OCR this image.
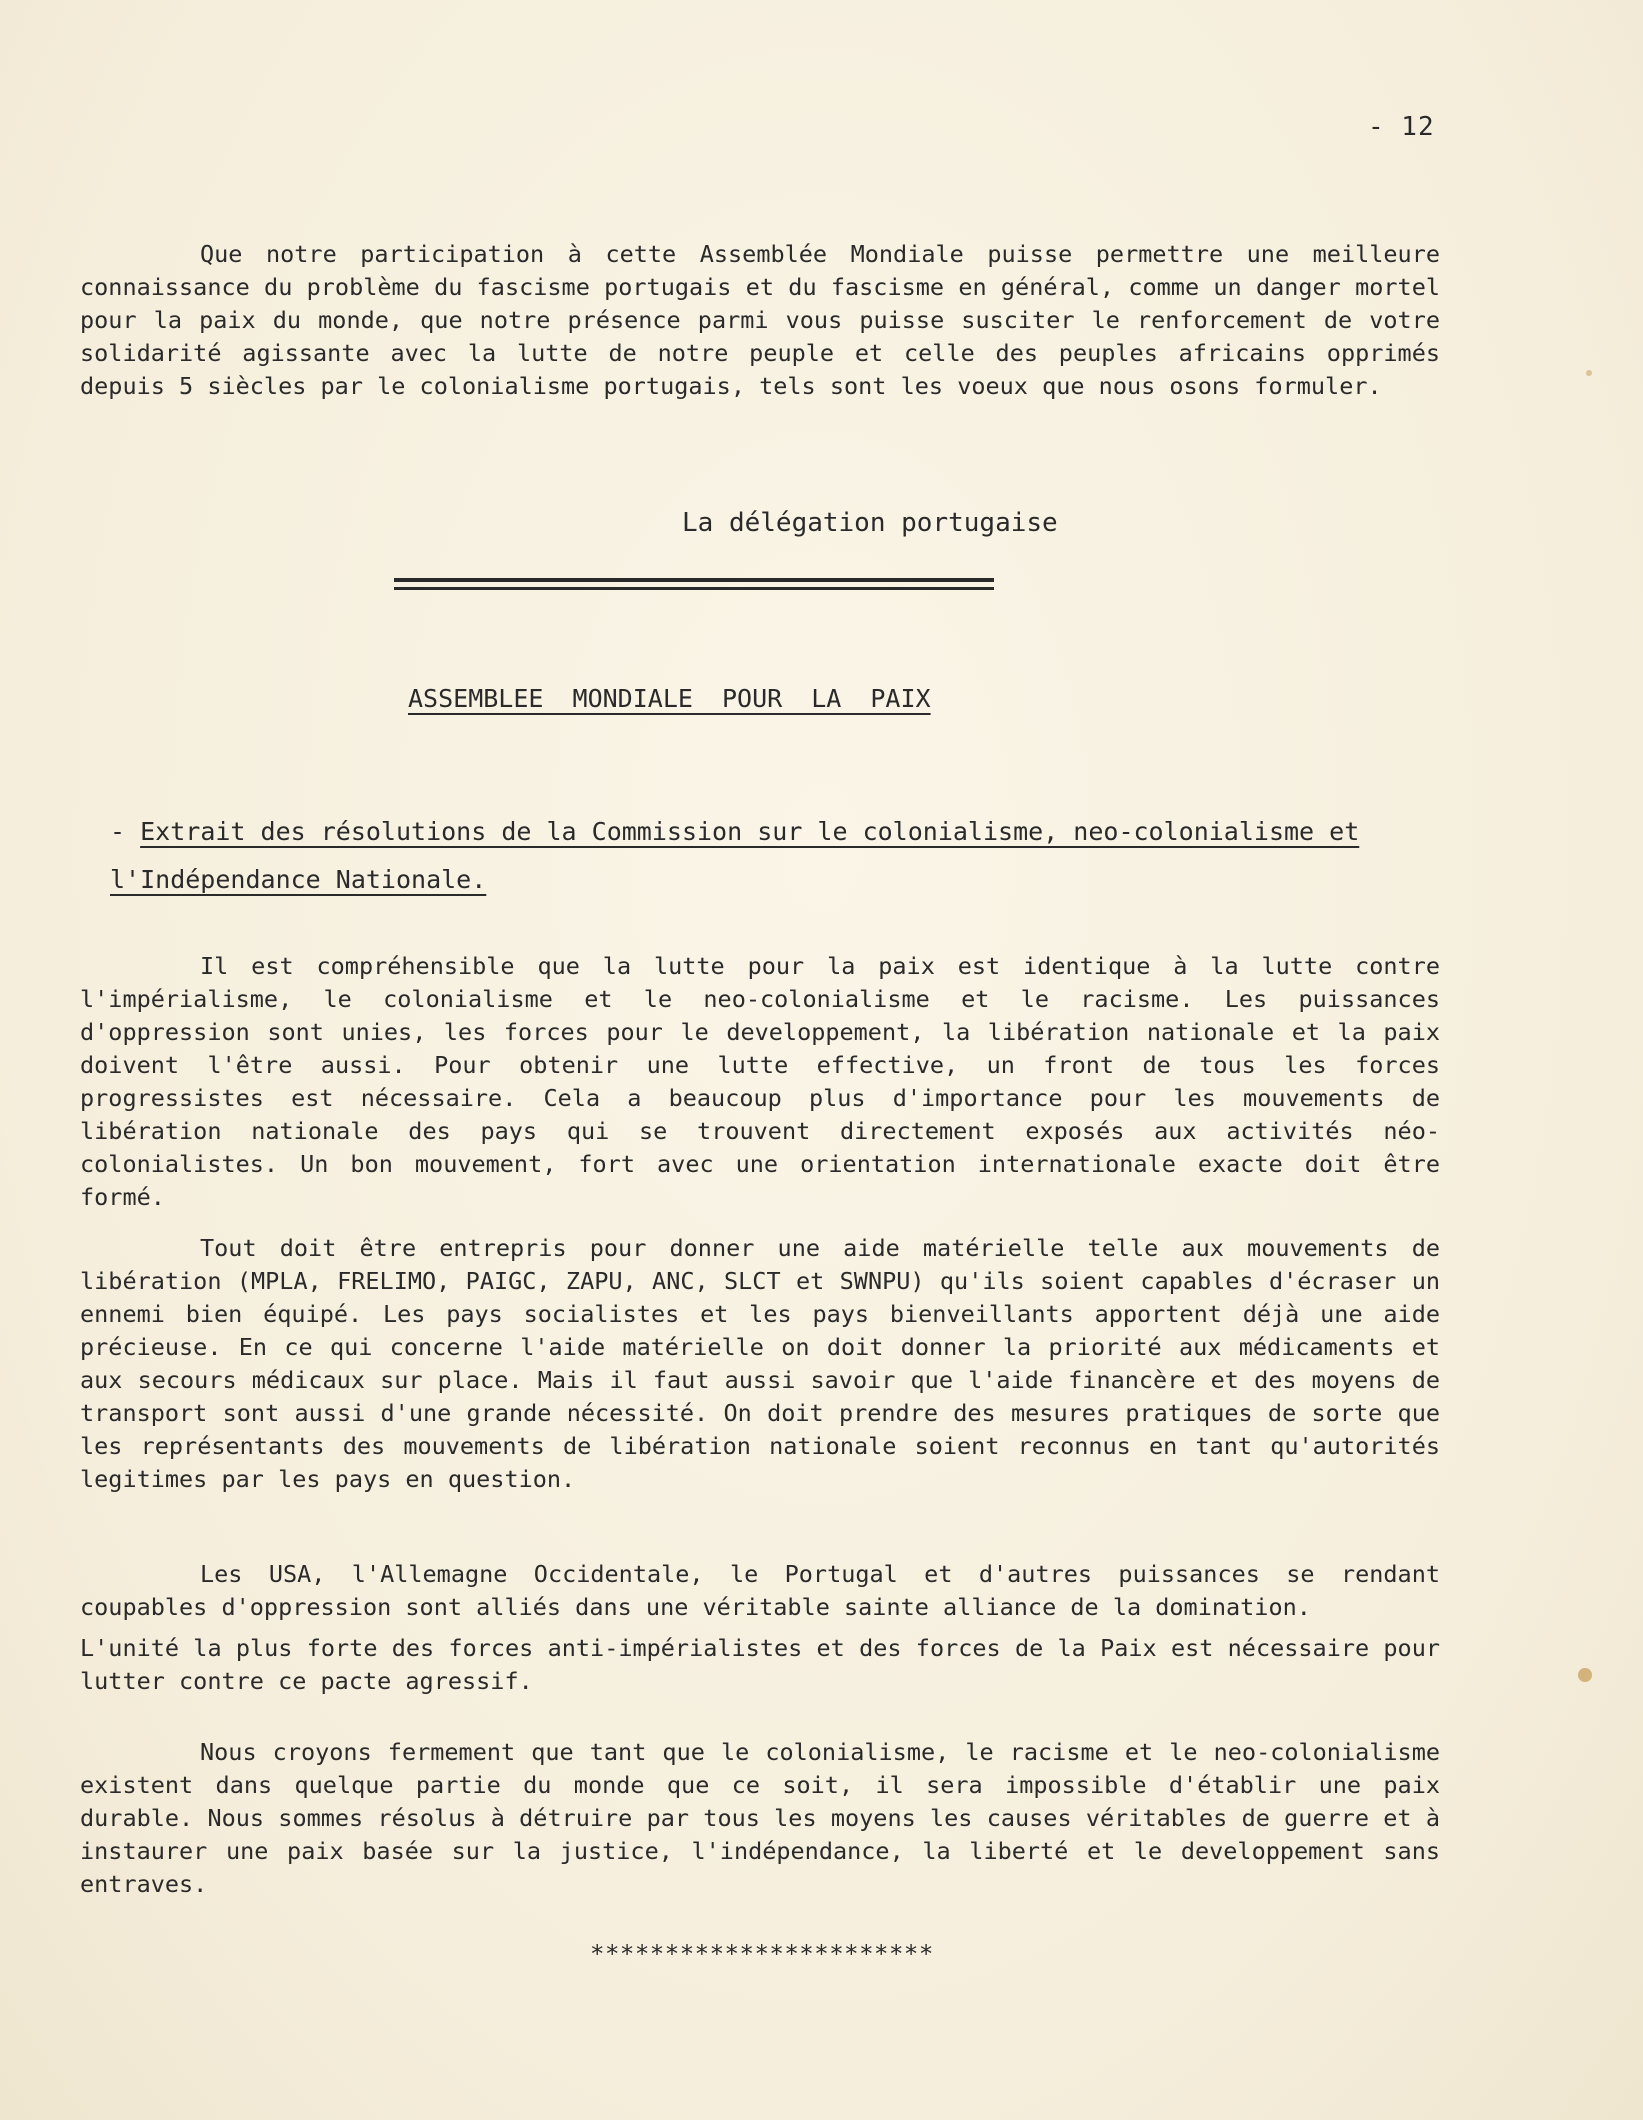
- 12

Que notre participation à cette Assemblée Mondiale puisse permettre une meilleure connaissance du problème du fascisme portugais et du fascisme en général, comme un danger mortel pour la paix du monde, que notre présence parmi vous puisse susciter le renforcement de votre solidarité agissante avec la lutte de notre peuple et celle des peuples africains opprimés depuis 5 siècles par le colonialisme portugais, tels sont les voeux que nous osons formuler.

La délégation portugaise
ASSEMBLEE MONDIALE POUR LA PAIX

- Extrait des résolutions de la Commission sur le colonialisme, neo-colonialisme et l'Indépendance Nationale.

Il est compréhensible que la lutte pour la paix est identique à la lutte contre l'impérialisme, le colonialisme et le neo-colonialisme et le racisme. Les puissances d'oppression sont unies, les forces pour le developpement, la libération nationale et la paix doivent l'être aussi. Pour obtenir une lutte effective, un front de tous les forces progressistes est nécessaire. Cela a beaucoup plus d'importance pour les mouvements de libération nationale des pays qui se trouvent directement exposés aux activités néo-colonialistes. Un bon mouvement, fort avec une orientation internationale exacte doit être formé.

Tout doit être entrepris pour donner une aide matérielle telle aux mouvements de libération (MPLA, FRELIMO, PAIGC, ZAPU, ANC, SLCT et SWNPU) qu'ils soient capables d'écraser un ennemi bien équipé. Les pays socialistes et les pays bienveillants apportent déjà une aide précieuse. En ce qui concerne l'aide matérielle on doit donner la priorité aux médicaments et aux secours médicaux sur place. Mais il faut aussi savoir que l'aide financère et des moyens de transport sont aussi d'une grande nécessité. On doit prendre des mesures pratiques de sorte que les représentants des mouvements de libération nationale soient reconnus en tant qu'autorités legitimes par les pays en question.

Les USA, l'Allemagne Occidentale, le Portugal et d'autres puissances se rendant coupables d'oppression sont alliés dans une véritable sainte alliance de la domination.

L'unité la plus forte des forces anti-impérialistes et des forces de la Paix est nécessaire pour lutter contre ce pacte agressif.

Nous croyons fermement que tant que le colonialisme, le racisme et le neo-colonialisme existent dans quelque partie du monde que ce soit, il sera impossible d'établir une paix durable. Nous sommes résolus à détruire par tous les moyens les causes véritables de guerre et à instaurer une paix basée sur la justice, l'indépendance, la liberté et le developpement sans entraves.

***********************
